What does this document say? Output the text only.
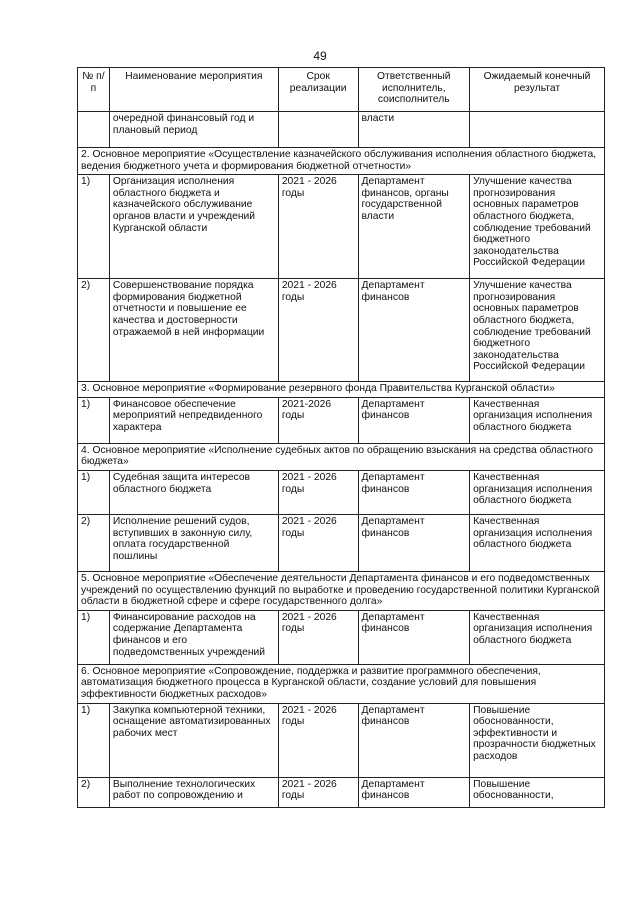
49
№ п/п	Наименование мероприятия	Срок реализации	Ответственный исполнитель, соисполнитель	Ожидаемый конечный результат
	очередной финансовый год и плановый период		власти	
2. Основное мероприятие «Осуществление казначейского обслуживания исполнения областного бюджета, ведения бюджетного учета и формирования бюджетной отчетности»				
1)	Организация исполнения областного бюджета и казначейского обслуживание органов власти и учреждений Курганской области	2021 - 2026 годы	Департамент финансов, органы государственной власти	Улучшение качества прогнозирования основных параметров областного бюджета, соблюдение требований бюджетного законодательства Российской Федерации
2)	Совершенствование порядка формирования бюджетной отчетности и повышение ее качества и достоверности отражаемой в ней информации	2021 - 2026 годы	Департамент финансов	Улучшение качества прогнозирования основных параметров областного бюджета, соблюдение требований бюджетного законодательства Российской Федерации
3. Основное мероприятие «Формирование резервного фонда Правительства Курганской области»				
1)	Финансовое обеспечение мероприятий непредвиденного характера	2021-2026 годы	Департамент финансов	Качественная организация исполнения областного бюджета
4. Основное мероприятие «Исполнение судебных актов по обращению взыскания на средства областного бюджета»				
1)	Судебная защита интересов областного бюджета	2021 - 2026 годы	Департамент финансов	Качественная организация исполнения областного бюджета
2)	Исполнение решений судов, вступивших в законную силу, оплата государственной пошлины	2021 - 2026 годы	Департамент финансов	Качественная организация исполнения областного бюджета
5. Основное мероприятие «Обеспечение деятельности Департамента финансов и его подведомственных учреждений по осуществлению функций по выработке и проведению государственной политики Курганской области в бюджетной сфере и сфере государственного долга»				
1)	Финансирование расходов на содержание Департамента финансов и его подведомственных учреждений	2021 - 2026 годы	Департамент финансов	Качественная организация исполнения областного бюджета
6. Основное мероприятие «Сопровождение, поддержка и развитие программного обеспечения, автоматизация бюджетного процесса в Курганской области, создание условий для повышения эффективности бюджетных расходов»				
1)	Закупка компьютерной техники, оснащение автоматизированных рабочих мест	2021 - 2026 годы	Департамент финансов	Повышение обоснованности, эффективности и прозрачности бюджетных расходов
2)	Выполнение технологических работ по сопровождению и	2021 - 2026 годы	Департамент финансов	Повышение обоснованности,
